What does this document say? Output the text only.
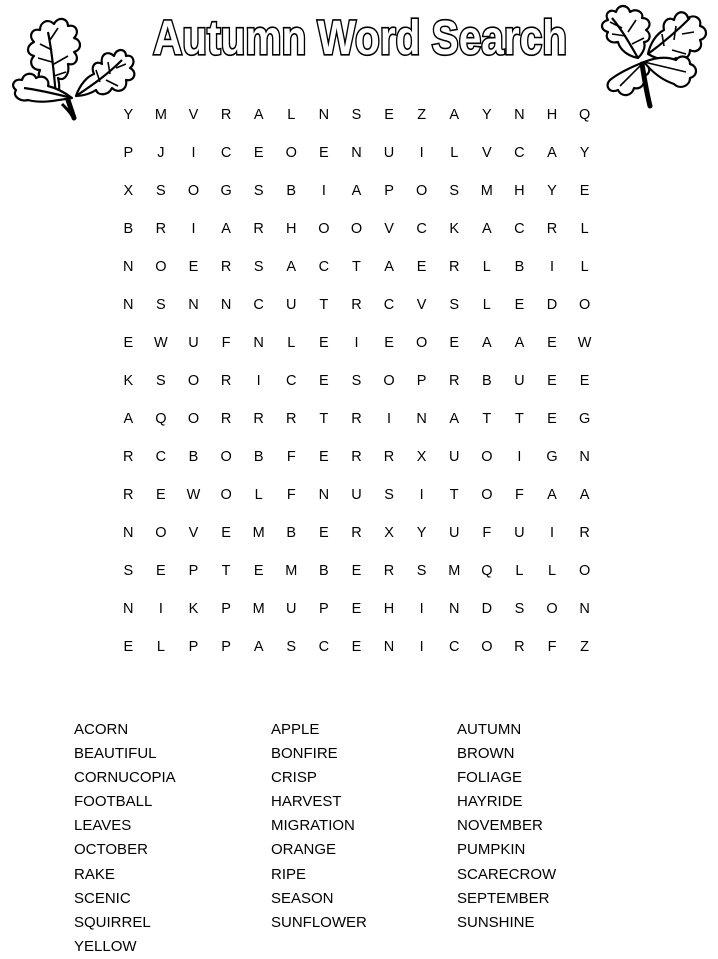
Autumn Word Search
Y	M	V	R	A	L	N	S	E	Z	A	Y	N	H	Q
P	J	I	C	E	O	E	N	U	I	L	V	C	A	Y
X	S	O	G	S	B	I	A	P	O	S	M	H	Y	E
B	R	I	A	R	H	O	O	V	C	K	A	C	R	L
N	O	E	R	S	A	C	T	A	E	R	L	B	I	L
N	S	N	N	C	U	T	R	C	V	S	L	E	D	O
E	W	U	F	N	L	E	I	E	O	E	A	A	E	W
K	S	O	R	I	C	E	S	O	P	R	B	U	E	E
A	Q	O	R	R	R	T	R	I	N	A	T	T	E	G
R	C	B	O	B	F	E	R	R	X	U	O	I	G	N
R	E	W	O	L	F	N	U	S	I	T	O	F	A	A
N	O	V	E	M	B	E	R	X	Y	U	F	U	I	R
S	E	P	T	E	M	B	E	R	S	M	Q	L	L	O
N	I	K	P	M	U	P	E	H	I	N	D	S	O	N
E	L	P	P	A	S	C	E	N	I	C	O	R	F	Z
ACORN
BEAUTIFUL
CORNUCOPIA
FOOTBALL
LEAVES
OCTOBER
RAKE
SCENIC
SQUIRREL
YELLOW
APPLE
BONFIRE
CRISP
HARVEST
MIGRATION
ORANGE
RIPE
SEASON
SUNFLOWER
AUTUMN
BROWN
FOLIAGE
HAYRIDE
NOVEMBER
PUMPKIN
SCARECROW
SEPTEMBER
SUNSHINE
